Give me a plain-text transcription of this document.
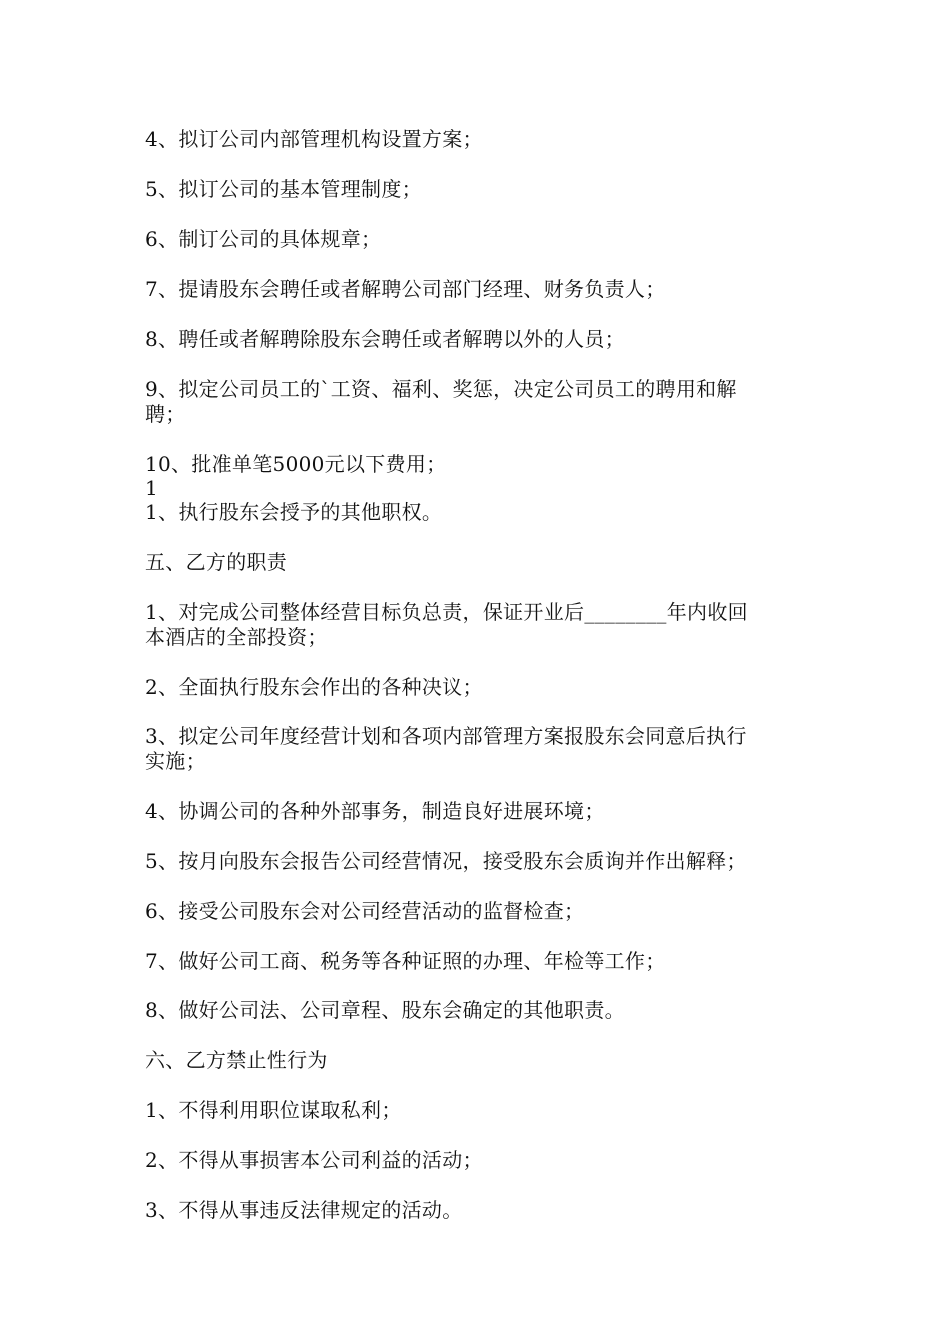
4、拟订公司内部管理机构设置方案；
5、拟订公司的基本管理制度；
6、制订公司的具体规章；
7、提请股东会聘任或者解聘公司部门经理、财务负责人；
8、聘任或者解聘除股东会聘任或者解聘以外的人员；
9、拟定公司员工的`工资、福利、奖惩，决定公司员工的聘用和解
聘；
10、批准单笔5000元以下费用；
1
1、执行股东会授予的其他职权。
五、乙方的职责
1、对完成公司整体经营目标负总责，保证开业后________年内收回
本酒店的全部投资；
2、全面执行股东会作出的各种决议；
3、拟定公司年度经营计划和各项内部管理方案报股东会同意后执行
实施；
4、协调公司的各种外部事务，制造良好进展环境；
5、按月向股东会报告公司经营情况，接受股东会质询并作出解释；
6、接受公司股东会对公司经营活动的监督检查；
7、做好公司工商、税务等各种证照的办理、年检等工作；
8、做好公司法、公司章程、股东会确定的其他职责。
六、乙方禁止性行为
1、不得利用职位谋取私利；
2、不得从事损害本公司利益的活动；
3、不得从事违反法律规定的活动。
